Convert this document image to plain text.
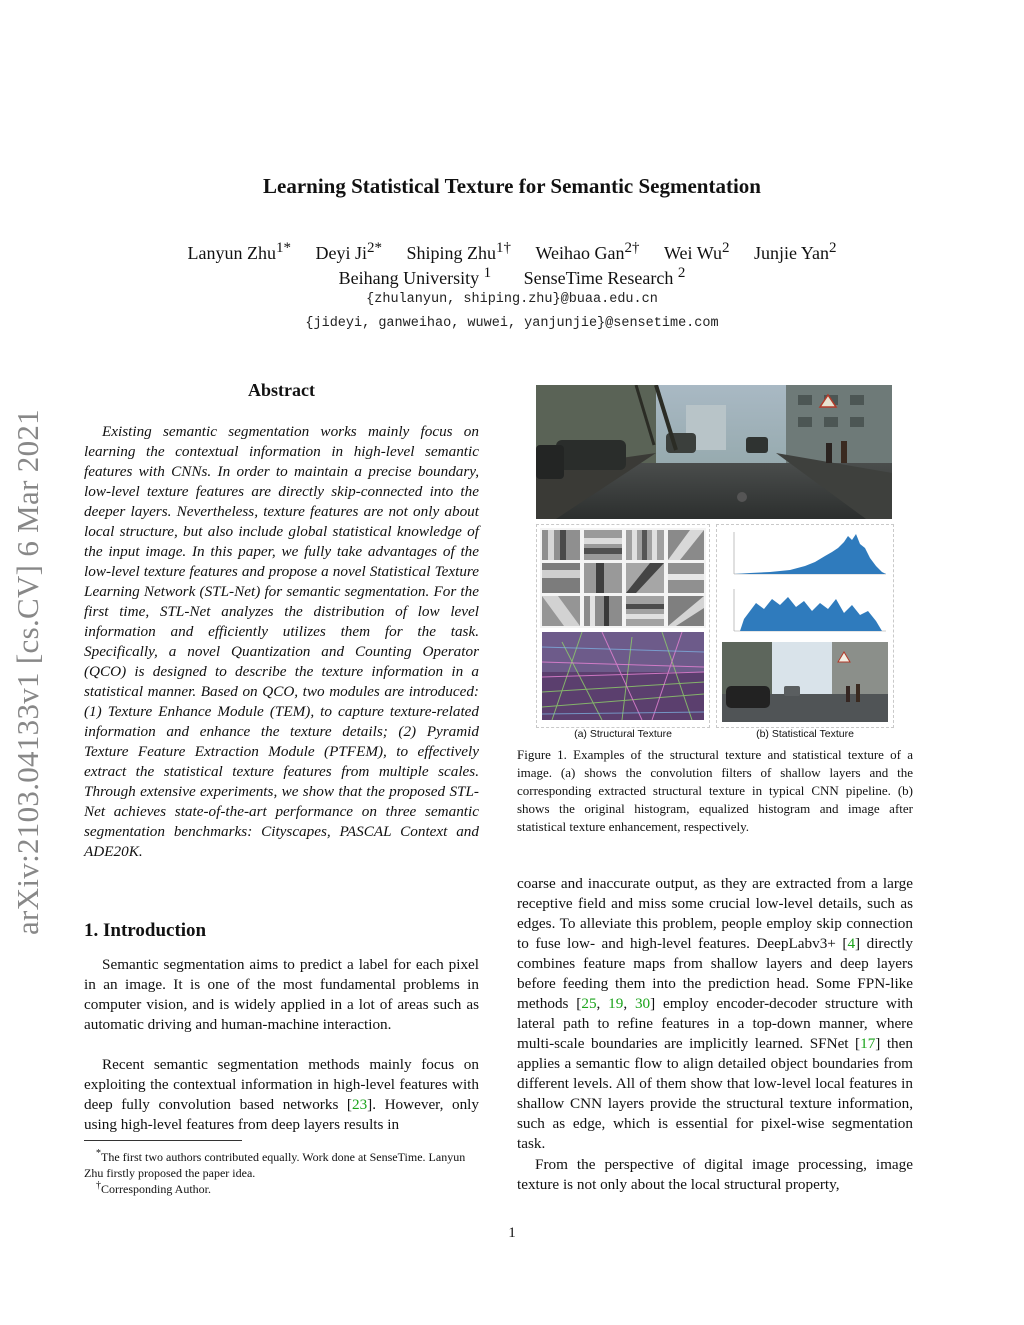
arXiv:2103.04133v1 [cs.CV] 6 Mar 2021
Learning Statistical Texture for Semantic Segmentation
Lanyun Zhu$^{1*}$ Deyi $Ji^{2*}$ Shiping Zhu$^{1\dagger}$ Weihao Gan$^{2\dagger}$ Wei Wu$^2$ Junjie Yan$^2$
Beihang University $^1$ SenseTime Research $^2$
{zhulanyun, shiping.zhu}@buaa.edu.cn
{jideyi, ganweihao, wuwei, yanjunjie}@sensetime.com
Abstract
Existing semantic segmentation works mainly focus on learning the contextual information in high-level semantic features with CNNs. In order to maintain a precise boundary, low-level texture features are directly skip-connected into the deeper layers. Nevertheless, texture features are not only about local structure, but also include global statistical knowledge of the input image. In this paper, we fully take advantages of the low-level texture features and propose a novel Statistical Texture Learning Network (STL-Net) for semantic segmentation. For the first time, STL-Net analyzes the distribution of low level information and efficiently utilizes them for the task. Specifically, a novel Quantization and Counting Operator (QCO) is designed to describe the texture information in a statistical manner. Based on QCO, two modules are introduced: (1) Texture Enhance Module (TEM), to capture texture-related information and enhance the texture details; (2) Pyramid Texture Feature Extraction Module (PTFEM), to effectively extract the statistical texture features from multiple scales. Through extensive experiments, we show that the proposed STL-Net achieves state-of-the-art performance on three semantic segmentation benchmarks: Cityscapes, PASCAL Context and ADE20K.
1. Introduction
Semantic segmentation aims to predict a label for each pixel in an image. It is one of the most fundamental problems in computer vision, and is widely applied in a lot of areas such as automatic driving and human-machine interaction.
Recent semantic segmentation methods mainly focus on exploiting the contextual information in high-level features with deep fully convolution based networks [23]. However, only using high-level features from deep layers results in
*The first two authors contributed equally. Work done at SenseTime. Lanyun Zhu firstly proposed the paper idea.
†Corresponding Author.
(a) Structural Texture	(b) Statistical Texture
Figure 1. Examples of the structural texture and statistical texture of a image. (a) shows the convolution filters of shallow layers and the corresponding extracted structural texture in typical CNN pipeline. (b) shows the original histogram, equalized histogram and image after statistical texture enhancement, respectively.
coarse and inaccurate output, as they are extracted from a large receptive field and miss some crucial low-level details, such as edges. To alleviate this problem, people employ skip connection to fuse low- and high-level features. DeepLabv3+ [4] directly combines feature maps from shallow layers and deep layers before feeding them into the prediction head. Some FPN-like methods [25, 19, 30] employ encoder-decoder structure with lateral path to refine features in a top-down manner, where multi-scale boundaries are implicitly learned. SFNet [17] then applies a semantic flow to align detailed object boundaries from different levels. All of them show that low-level local features in shallow CNN layers provide the structural texture information, such as edge, which is essential for pixel-wise segmentation task.
From the perspective of digital image processing, image texture is not only about the local structural property,
1
